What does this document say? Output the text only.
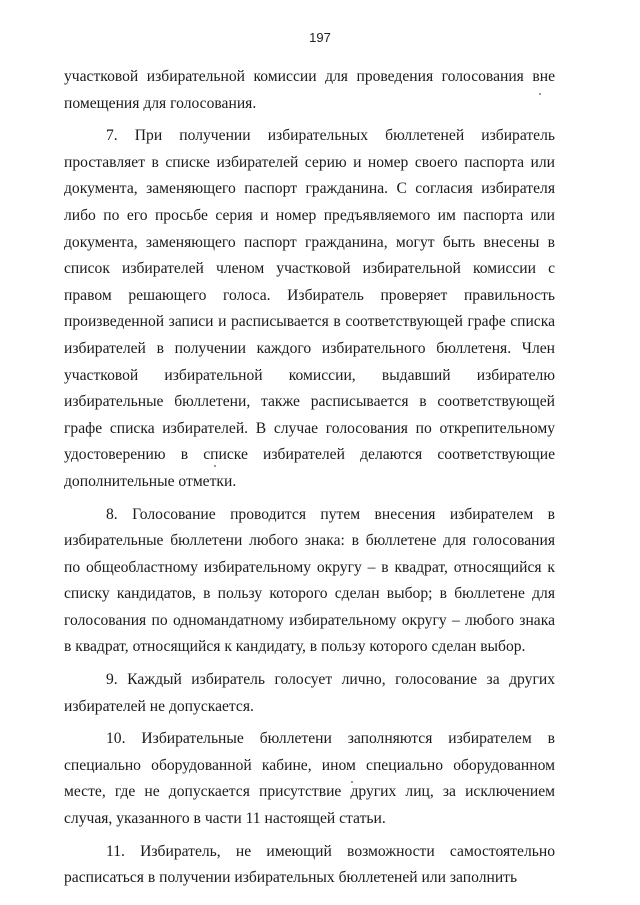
197

участковой избирательной комиссии для проведения голосования вне помещения для голосования.

7. При получении избирательных бюллетеней избиратель проставляет в списке избирателей серию и номер своего паспорта или документа, заменяющего паспорт гражданина. С согласия избирателя либо по его просьбе серия и номер предъявляемого им паспорта или документа, заменяющего паспорт гражданина, могут быть внесены в список избирателей членом участковой избирательной комиссии с правом решающего голоса. Избиратель проверяет правильность произведенной записи и расписывается в соответствующей графе списка избирателей в получении каждого избирательного бюллетеня. Член участковой избирательной комиссии, выдавший избирателю избирательные бюллетени, также расписывается в соответствующей графе списка избирателей. В случае голосования по открепительному удостоверению в списке избирателей делаются соответствующие дополнительные отметки.

8. Голосование проводится путем внесения избирателем в избирательные бюллетени любого знака: в бюллетене для голосования по общеобластному избирательному округу – в квадрат, относящийся к списку кандидатов, в пользу которого сделан выбор; в бюллетене для голосования по одномандатному избирательному округу – любого знака в квадрат, относящийся к кандидату, в пользу которого сделан выбор.

9. Каждый избиратель голосует лично, голосование за других избирателей не допускается.

10. Избирательные бюллетени заполняются избирателем в специально оборудованной кабине, ином специально оборудованном месте, где не допускается присутствие других лиц, за исключением случая, указанного в части 11 настоящей статьи.

11. Избиратель, не имеющий возможности самостоятельно расписаться в получении избирательных бюллетеней или заполнить
